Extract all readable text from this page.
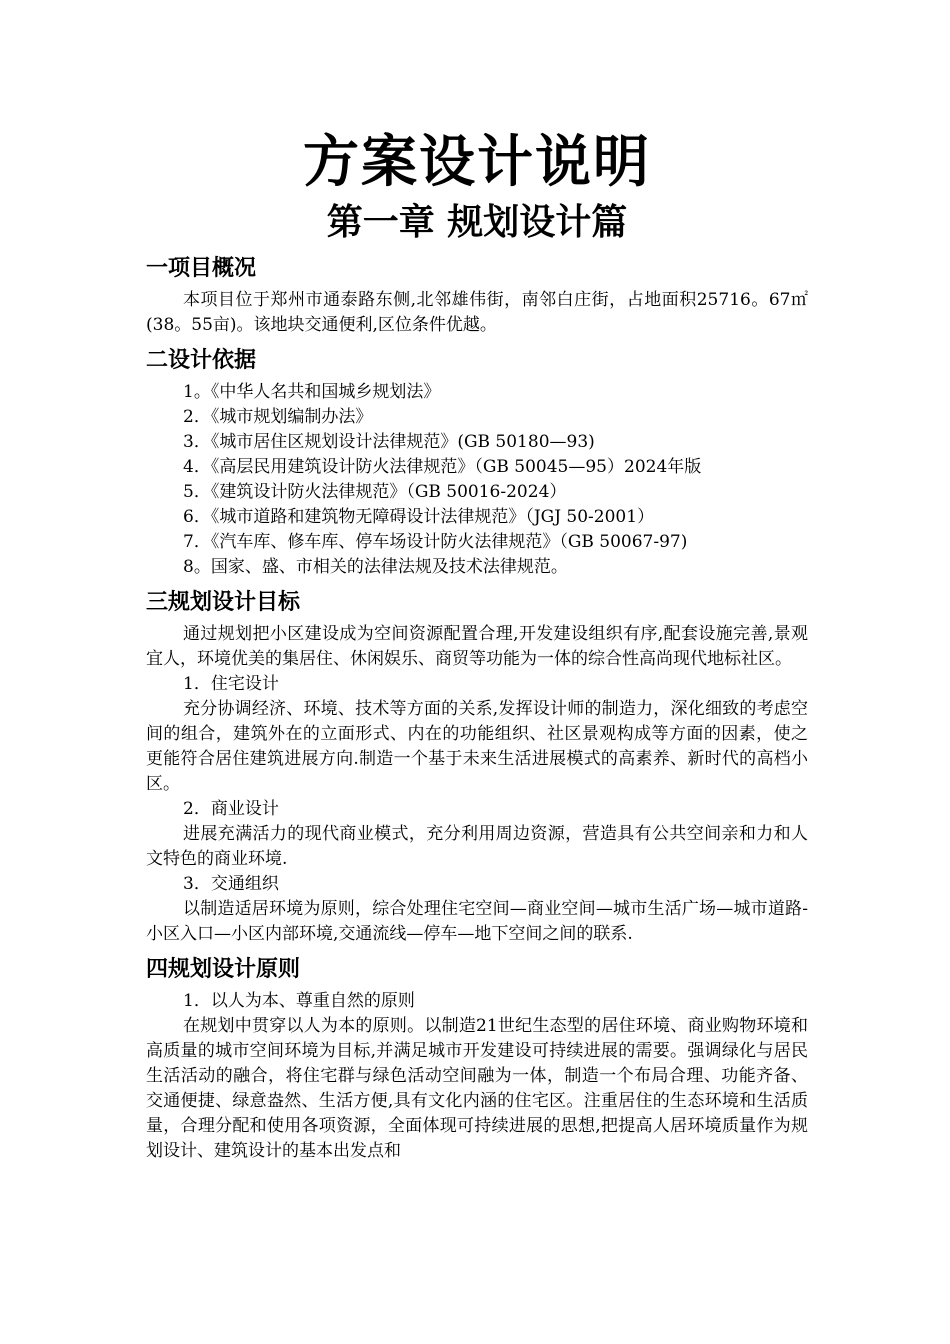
方案设计说明
第一章 规划设计篇
一项目概况

本项目位于郑州市通泰路东侧,北邻雄伟街，南邻白庄街，占地面积25716。67㎡(38。55亩)。该地块交通便利,区位条件优越。

二设计依据

1。《中华人名共和国城乡规划法》

2．《城市规划编制办法》

3．《城市居住区规划设计法律规范》(GB 50180—93)

4．《高层民用建筑设计防火法律规范》（GB 50045—95）2024年版

5．《建筑设计防火法律规范》（GB 50016-2024）

6．《城市道路和建筑物无障碍设计法律规范》（JGJ 50-2001）

7．《汽车库、修车库、停车场设计防火法律规范》（GB 50067-97)

8。国家、盛、市相关的法律法规及技术法律规范。

三规划设计目标

通过规划把小区建设成为空间资源配置合理,开发建设组织有序,配套设施完善,景观宜人，环境优美的集居住、休闲娱乐、商贸等功能为一体的综合性高尚现代地标社区。

1．住宅设计

充分协调经济、环境、技术等方面的关系,发挥设计师的制造力，深化细致的考虑空间的组合，建筑外在的立面形式、内在的功能组织、社区景观构成等方面的因素，使之更能符合居住建筑进展方向.制造一个基于未来生活进展模式的高素养、新时代的高档小区。

2．商业设计

进展充满活力的现代商业模式，充分利用周边资源，营造具有公共空间亲和力和人文特色的商业环境.

3．交通组织

以制造适居环境为原则，综合处理住宅空间—商业空间—城市生活广场—城市道路-小区入口—小区内部环境,交通流线—停车—地下空间之间的联系.

四规划设计原则

1．以人为本、尊重自然的原则

在规划中贯穿以人为本的原则。以制造21世纪生态型的居住环境、商业购物环境和高质量的城市空间环境为目标,并满足城市开发建设可持续进展的需要。强调绿化与居民生活活动的融合，将住宅群与绿色活动空间融为一体，制造一个布局合理、功能齐备、交通便捷、绿意盎然、生活方便,具有文化内涵的住宅区。注重居住的生态环境和生活质量，合理分配和使用各项资源，全面体现可持续进展的思想,把提高人居环境质量作为规划设计、建筑设计的基本出发点和
